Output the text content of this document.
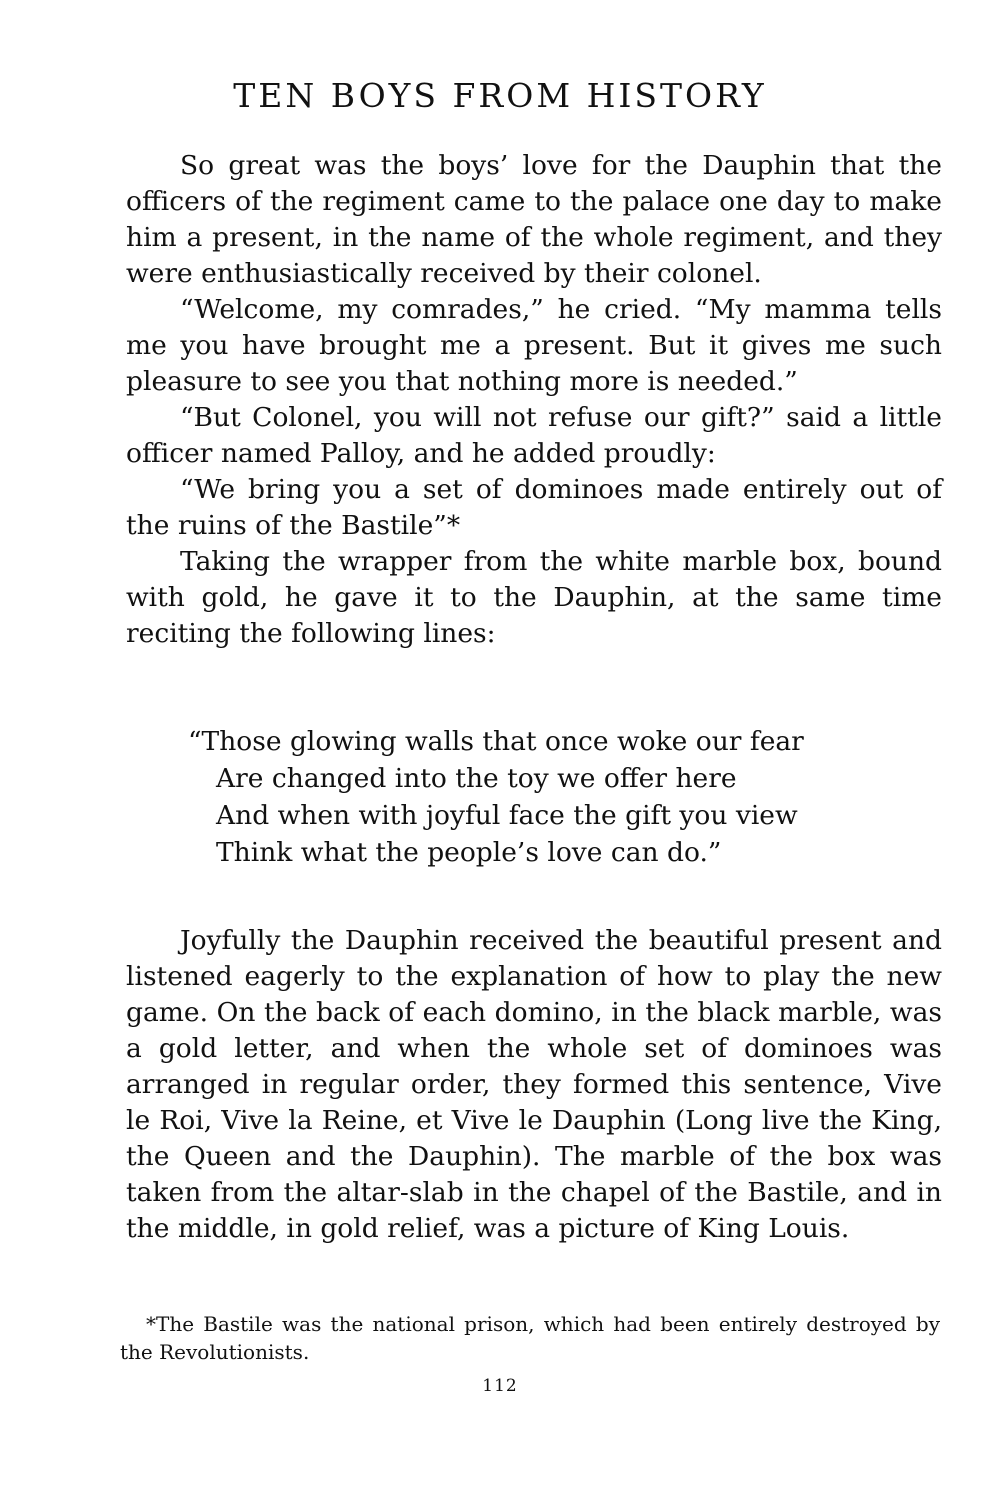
TEN BOYS FROM HISTORY

So great was the boys’ love for the Dauphin that the officers of the regiment came to the palace one day to make him a present, in the name of the whole regiment, and they were enthusiastically received by their colonel.

“Welcome, my comrades,” he cried. “My mamma tells me you have brought me a present. But it gives me such pleasure to see you that nothing more is needed.”

“But Colonel, you will not refuse our gift?” said a little officer named Palloy, and he added proudly:

“We bring you a set of dominoes made entirely out of the ruins of the Bastile”*

Taking the wrapper from the white marble box, bound with gold, he gave it to the Dauphin, at the same time reciting the following lines:

“Those glowing walls that once woke our fear
Are changed into the toy we offer here
And when with joyful face the gift you view
Think what the people’s love can do.”

Joyfully the Dauphin received the beautiful present and listened eagerly to the explanation of how to play the new game. On the back of each domino, in the black marble, was a gold letter, and when the whole set of dominoes was arranged in regular order, they formed this sentence, Vive le Roi, Vive la Reine, et Vive le Dauphin (Long live the King, the Queen and the Dauphin). The marble of the box was taken from the altar-slab in the chapel of the Bastile, and in the middle, in gold relief, was a picture of King Louis.

*The Bastile was the national prison, which had been entirely destroyed by the Revolutionists.

112
